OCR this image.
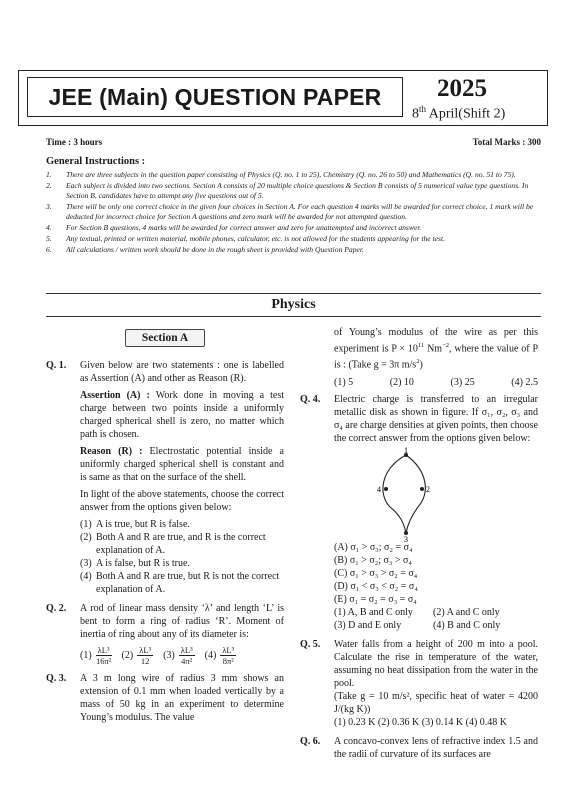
JEE (Main) QUESTION PAPER 2025
8th April(Shift 2)
Time : 3 hours	Total Marks : 300
General Instructions :
1. There are three subjects in the question paper consisting of Physics (Q. no. 1 to 25), Chemistry (Q. no. 26 to 50) and Mathematics (Q. no. 51 to 75).
2. Each subject is divided into two sections. Section A consists of 20 multiple choice questions & Section B consists of 5 numerical value type questions. In Section B, candidates have to attempt any five questions out of 5.
3. There will be only one correct choice in the given four choices in Section A. For each question 4 marks will be awarded for correct choice, 1 mark will be deducted for incorrect choice for Section A questions and zero mark will be awarded for not attempted question.
4. For Section B questions, 4 marks will be awarded for correct answer and zero for unattempted and incorrect answer.
5. Any textual, printed or written material, mobile phones, calculator, etc. is not allowed for the students appearing for the test.
6. All calculations / written work should be done in the rough sheet is provided with Question Paper.
Physics
Section A
Q. 1. Given below are two statements : one is labelled as Assertion (A) and other as Reason (R).

Assertion (A) : Work done in moving a test charge between two points inside a uniformly charged spherical shell is zero, no matter which path is chosen.

Reason (R) : Electrostatic potential inside a uniformly charged spherical shell is constant and is same as that on the surface of the shell.

In light of the above statements, choose the correct answer from the options given below:

(1) A is true, but R is false.
(2) Both A and R are true, and R is the correct explanation of A.
(3) A is false, but R is true.
(4) Both A and R are true, but R is not the correct explanation of A.
Q. 2. A rod of linear mass density ‘λ’ and length ‘L’ is bent to form a ring of radius ‘R’. Moment of inertia of ring about any of its diameter is:

$(1) \frac{\text{λL³}}{\text{16π²}} (2) \frac{\text{λL³}}{12} (3) \frac{\text{λL³}}{\text{4π²}} (4) \frac{\text{λL³}}{\text{8π²}}$
Q. 3. A 3 m long wire of radius 3 mm shows an extension of 0.1 mm when loaded vertically by a mass of 50 kg in an experiment to determine Young’s modulus. The value

of Young’s modulus of the wire as per this experiment is $P \times 10^{11}$ $Nm^{-2}$, where the value of P is : (Take g = 3π $m/s^2$)

(1) 5	(2) 10	(3) 25	(4) 2.5
Q. 4. Electric charge is transferred to an irregular metallic disk as shown in figure. If σ₁, σ₂, σ₃ and σ₄ are charge densities at given points, then choose the correct answer from the options given below:

1
2
3
4
(A) σ₁ > σ₃; σ₂ = σ₄
(B) σ₁ > σ₂; σ₃ > σ₄
(C) σ₁ > σ₃ > σ₂ = σ₄
(D) σ₁ < σ₃ < σ₂ = σ₄
(E) σ₁ = σ₂ = σ₃ = σ₄
(1) A, B and C only	(2) A and C only
(3) D and E only	(4) B and C only
Q. 5. Water falls from a height of 200 m into a pool. Calculate the rise in temperature of the water, assuming no heat dissipation from the water in the pool.

(Take g = 10 m/s², specific heat of water = 4200 J/(kg K))

(1) 0.23 K (2) 0.36 K (3) 0.14 K (4) 0.48 K
Q. 6. A concavo-convex lens of refractive index 1.5 and the radii of curvature of its surfaces are
